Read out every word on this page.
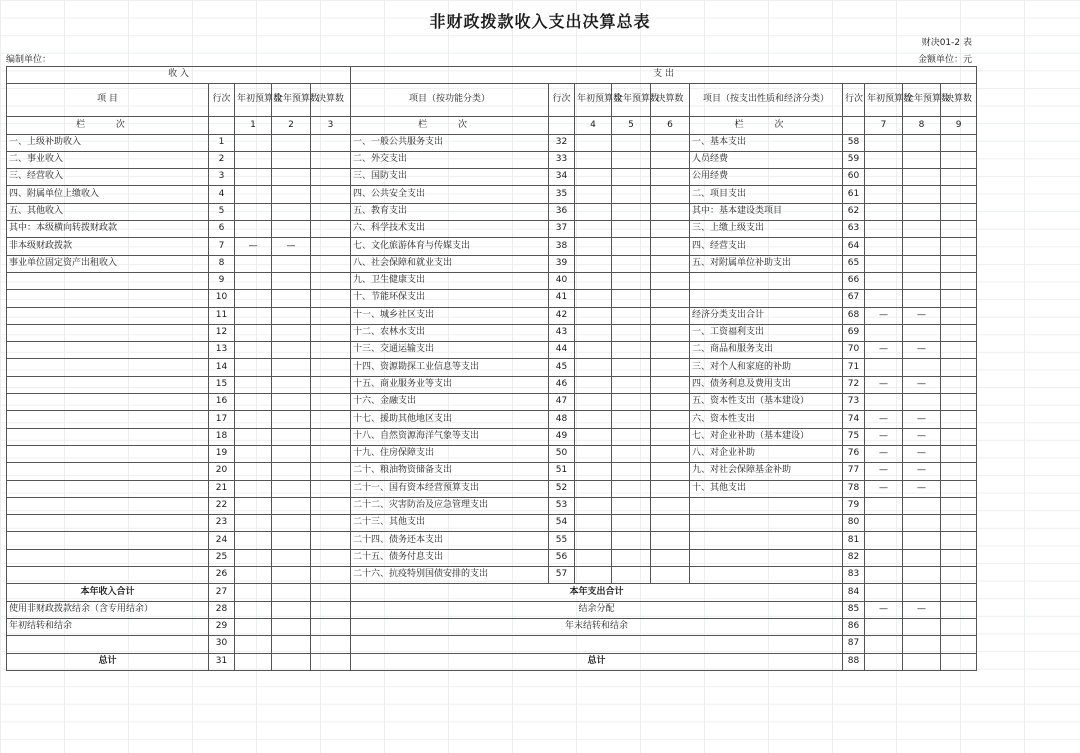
非财政拨款收入支出决算总表
财决01-2 表
编制单位：	金额单位：元
收 入					支 出									
项 目	行次	年初预算数	全年预算数	决算数	项目（按功能分类）	行次	年初预算数	全年预算数	决算数	项目（按支出性质和经济分类）	行次	年初预算数	全年预算数	决算数
栏 次		1	2	3	栏 次		4	5	6	栏 次		7	8	9
一、上级补助收入	1				一、一般公共服务支出	32				一、基本支出	58			
二、事业收入	2				二、外交支出	33				人员经费	59			
三、经营收入	3				三、国防支出	34				公用经费	60			
四、附属单位上缴收入	4				四、公共安全支出	35				二、项目支出	61			
五、其他收入	5				五、教育支出	36				其中：基本建设类项目	62			
其中：本级横向转拨财政款	6				六、科学技术支出	37				三、上缴上级支出	63			
非本级财政拨款	7	—	—		七、文化旅游体育与传媒支出	38				四、经营支出	64			
事业单位固定资产出租收入	8				八、社会保障和就业支出	39				五、对附属单位补助支出	65			
	9				九、卫生健康支出	40					66			
	10				十、节能环保支出	41					67			
	11				十一、城乡社区支出	42				经济分类支出合计	68	—	—	
	12				十二、农林水支出	43				一、工资福利支出	69			
	13				十三、交通运输支出	44				二、商品和服务支出	70	—	—	
	14				十四、资源勘探工业信息等支出	45				三、对个人和家庭的补助	71			
	15				十五、商业服务业等支出	46				四、债务利息及费用支出	72	—	—	
	16				十六、金融支出	47				五、资本性支出（基本建设）	73			
	17				十七、援助其他地区支出	48				六、资本性支出	74	—	—	
	18				十八、自然资源海洋气象等支出	49				七、对企业补助（基本建设）	75	—	—	
	19				十九、住房保障支出	50				八、对企业补助	76	—	—	
	20				二十、粮油物资储备支出	51				九、对社会保障基金补助	77	—	—	
	21				二十一、国有资本经营预算支出	52				十、其他支出	78	—	—	
	22				二十二、灾害防治及应急管理支出	53					79			
	23				二十三、其他支出	54					80			
	24				二十四、债务还本支出	55					81			
	25				二十五、债务付息支出	56					82			
	26				二十六、抗疫特别国债安排的支出	57					83			
本年收入合计	27				本年支出合计						84			
使用非财政拨款结余（含专用结余）	28				结余分配						85	—	—	
年初结转和结余	29				年末结转和结余						86			
	30										87			
总计	31				总计						88			
